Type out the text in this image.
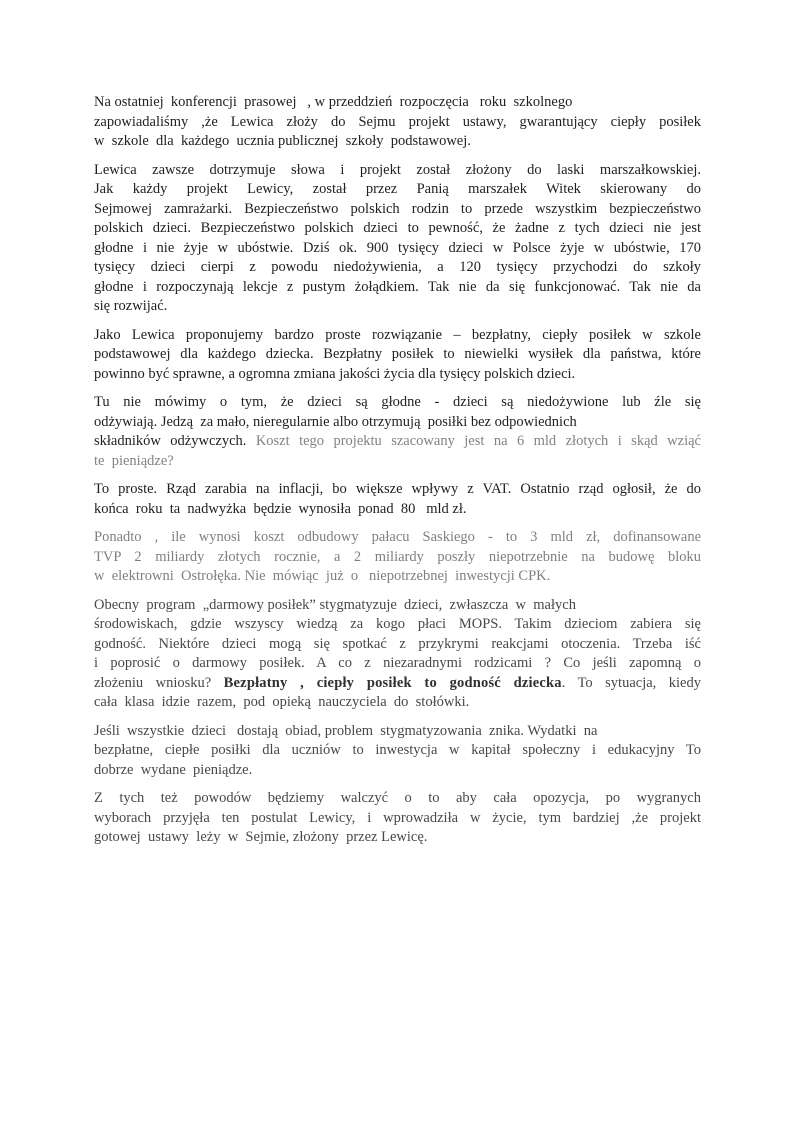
Na ostatniej  konferencji  prasowej   , w przeddzień  rozpoczęcia   roku  szkolnego
zapowiadaliśmy ,że Lewica złoży do Sejmu projekt ustawy, gwarantujący ciepły posiłek
w  szkole  dla  każdego  ucznia publicznej  szkoły  podstawowej.
Lewica zawsze dotrzymuje słowa i projekt został złożony do laski marszałkowskiej.
Jak każdy projekt Lewicy, został przez Panią marszałek Witek skierowany do
Sejmowej zamrażarki. Bezpieczeństwo polskich rodzin to przede wszystkim bezpieczeństwo
polskich dzieci. Bezpieczeństwo polskich dzieci to pewność, że żadne z tych dzieci nie jest
głodne i nie żyje w ubóstwie. Dziś ok. 900 tysięcy dzieci w Polsce żyje w ubóstwie, 170
tysięcy dzieci cierpi z powodu niedożywienia, a 120 tysięcy przychodzi do szkoły
głodne i rozpoczynają lekcje z pustym żołądkiem. Tak nie da się funkcjonować. Tak nie da
się rozwijać.
Jako Lewica proponujemy bardzo proste rozwiązanie – bezpłatny, ciepły posiłek w szkole
podstawowej dla każdego dziecka. Bezpłatny posiłek to niewielki wysiłek dla państwa, które
powinno być sprawne, a ogromna zmiana jakości życia dla tysięcy polskich dzieci.
Tu nie mówimy o tym, że dzieci są głodne - dzieci są niedożywione lub źle się
odżywiają. Jedzą  za mało, nieregularnie albo otrzymują  posiłki bez odpowiednich
składników odżywczych. Koszt tego projektu szacowany jest na 6 mld złotych i skąd wziąć
te  pieniądze?
To proste. Rząd zarabia na inflacji, bo większe wpływy z VAT. Ostatnio rząd ogłosił, że do
końca  roku  ta  nadwyżka  będzie  wynosiła  ponad  80   mld zł.
Ponadto , ile wynosi koszt odbudowy pałacu Saskiego - to 3 mld zł, dofinansowane
TVP 2 miliardy złotych rocznie, a 2 miliardy poszły niepotrzebnie na budowę bloku
w  elektrowni  Ostrołęka. Nie  mówiąc  już  o   niepotrzebnej  inwestycji CPK.
Obecny  program  „darmowy posiłek” stygmatyzuje  dzieci,  zwłaszcza  w  małych
środowiskach, gdzie wszyscy wiedzą za kogo płaci MOPS. Takim dzieciom zabiera się
godność. Niektóre dzieci mogą się spotkać z przykrymi reakcjami otoczenia. Trzeba iść
i poprosić o darmowy posiłek. A co z niezaradnymi rodzicami ? Co jeśli zapomną o
złożeniu wniosku? Bezpłatny , ciepły posiłek to godność dziecka. To sytuacja, kiedy
cała  klasa  idzie  razem,  pod  opieką  nauczyciela  do  stołówki.
Jeśli  wszystkie  dzieci   dostają  obiad, problem  stygmatyzowania  znika. Wydatki  na
bezpłatne, ciepłe posiłki dla uczniów to inwestycja w kapitał społeczny i edukacyjny To
dobrze  wydane  pieniądze.
Z tych też powodów będziemy walczyć o to aby cała opozycja, po wygranych
wyborach przyjęła ten postulat Lewicy, i wprowadziła w życie, tym bardziej ,że projekt
gotowej  ustawy  leży  w  Sejmie, złożony  przez Lewicę.
